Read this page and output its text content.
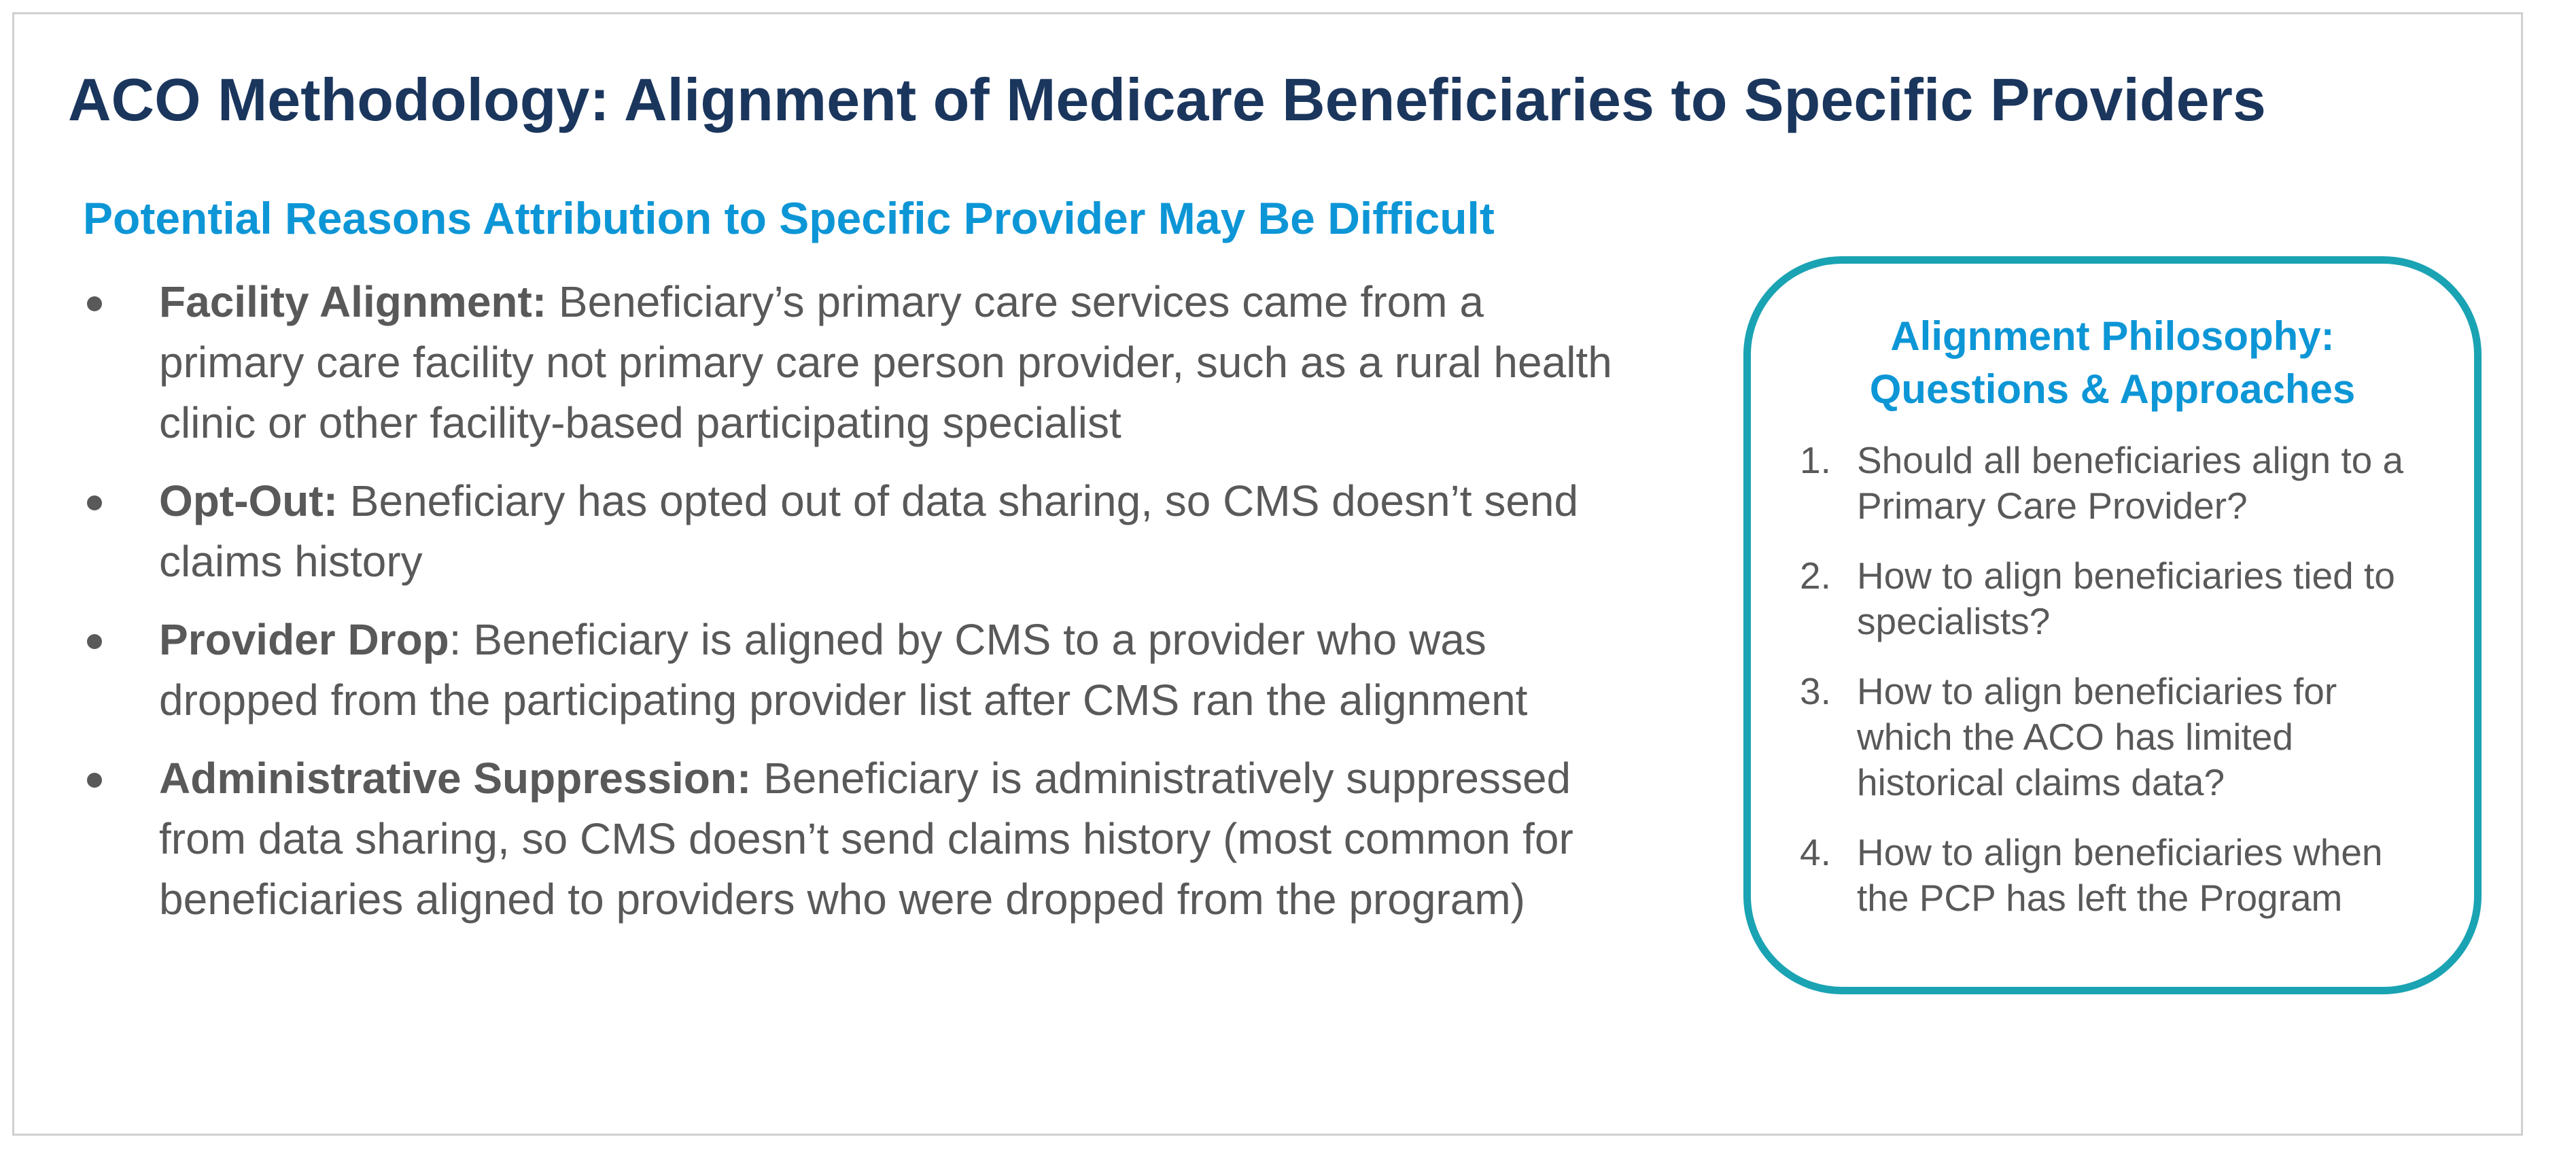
ACO Methodology: Alignment of Medicare Beneficiaries to Specific Providers
Potential Reasons Attribution to Specific Provider May Be Difficult
Facility Alignment: Beneficiary’s primary care services came from a primary care facility not primary care person provider, such as a rural health clinic or other facility-based participating specialist
Opt-Out: Beneficiary has opted out of data sharing, so CMS doesn’t send claims history
Provider Drop: Beneficiary is aligned by CMS to a provider who was dropped from the participating provider list after CMS ran the alignment
Administrative Suppression: Beneficiary is administratively suppressed from data sharing, so CMS doesn’t send claims history (most common for beneficiaries aligned to providers who were dropped from the program)
Alignment Philosophy:
Questions & Approaches
1. Should all beneficiaries align to a Primary Care Provider?
2. How to align beneficiaries tied to specialists?
3. How to align beneficiaries for which the ACO has limited historical claims data?
4. How to align beneficiaries when the PCP has left the Program
